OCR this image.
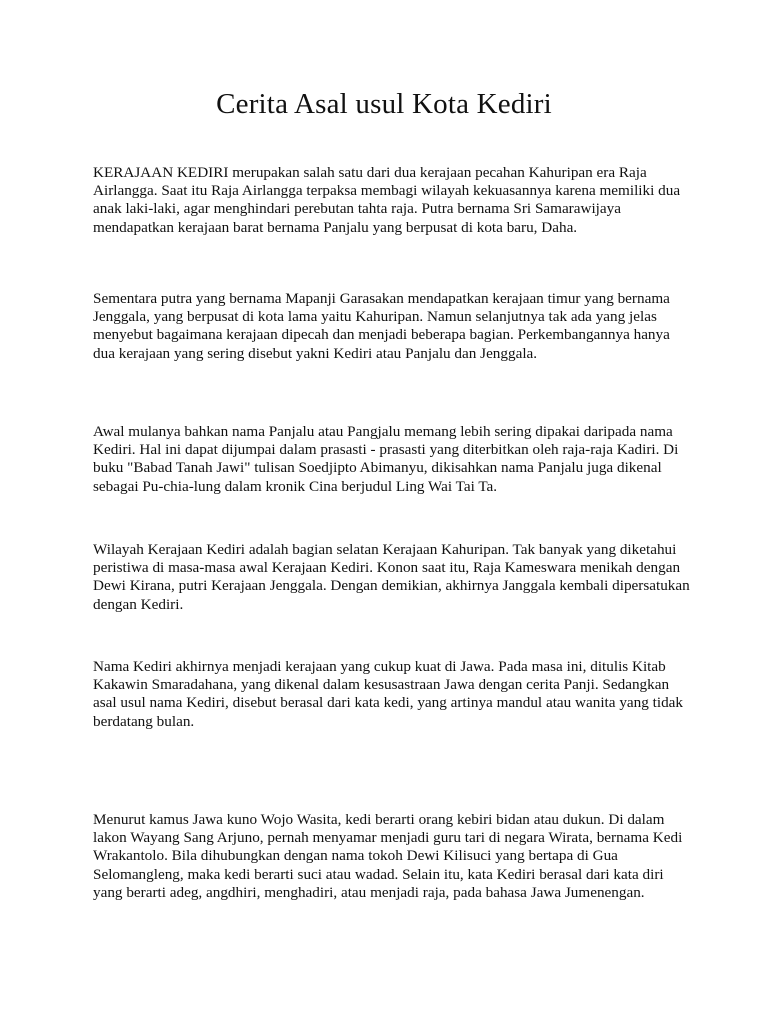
Cerita Asal usul Kota Kediri

KERAJAAN KEDIRI merupakan salah satu dari dua kerajaan pecahan Kahuripan era Raja Airlangga. Saat itu Raja Airlangga terpaksa membagi wilayah kekuasannya karena memiliki dua anak laki-laki, agar menghindari perebutan tahta raja. Putra bernama Sri Samarawijaya mendapatkan kerajaan barat bernama Panjalu yang berpusat di kota baru, Daha.

Sementara putra yang bernama Mapanji Garasakan mendapatkan kerajaan timur yang bernama Jenggala, yang berpusat di kota lama yaitu Kahuripan. Namun selanjutnya tak ada yang jelas menyebut bagaimana kerajaan dipecah dan menjadi beberapa bagian. Perkembangannya hanya dua kerajaan yang sering disebut yakni Kediri atau Panjalu dan Jenggala.

Awal mulanya bahkan nama Panjalu atau Pangjalu memang lebih sering dipakai daripada nama Kediri. Hal ini dapat dijumpai dalam prasasti - prasasti yang diterbitkan oleh raja-raja Kadiri. Di buku "Babad Tanah Jawi" tulisan Soedjipto Abimanyu, dikisahkan nama Panjalu juga dikenal sebagai Pu-chia-lung dalam kronik Cina berjudul Ling Wai Tai Ta.

Wilayah Kerajaan Kediri adalah bagian selatan Kerajaan Kahuripan. Tak banyak yang diketahui peristiwa di masa-masa awal Kerajaan Kediri. Konon saat itu, Raja Kameswara menikah dengan Dewi Kirana, putri Kerajaan Jenggala. Dengan demikian, akhirnya Janggala kembali dipersatukan dengan Kediri.

Nama Kediri akhirnya menjadi kerajaan yang cukup kuat di Jawa. Pada masa ini, ditulis Kitab Kakawin Smaradahana, yang dikenal dalam kesusastraan Jawa dengan cerita Panji. Sedangkan asal usul nama Kediri, disebut berasal dari kata kedi, yang artinya mandul atau wanita yang tidak berdatang bulan.

Menurut kamus Jawa kuno Wojo Wasita, kedi berarti orang kebiri bidan atau dukun. Di dalam lakon Wayang Sang Arjuno, pernah menyamar menjadi guru tari di negara Wirata, bernama Kedi Wrakantolo. Bila dihubungkan dengan nama tokoh Dewi Kilisuci yang bertapa di Gua Selomangleng, maka kedi berarti suci atau wadad. Selain itu, kata Kediri berasal dari kata diri yang berarti adeg, angdhiri, menghadiri, atau menjadi raja, pada bahasa Jawa Jumenengan.
